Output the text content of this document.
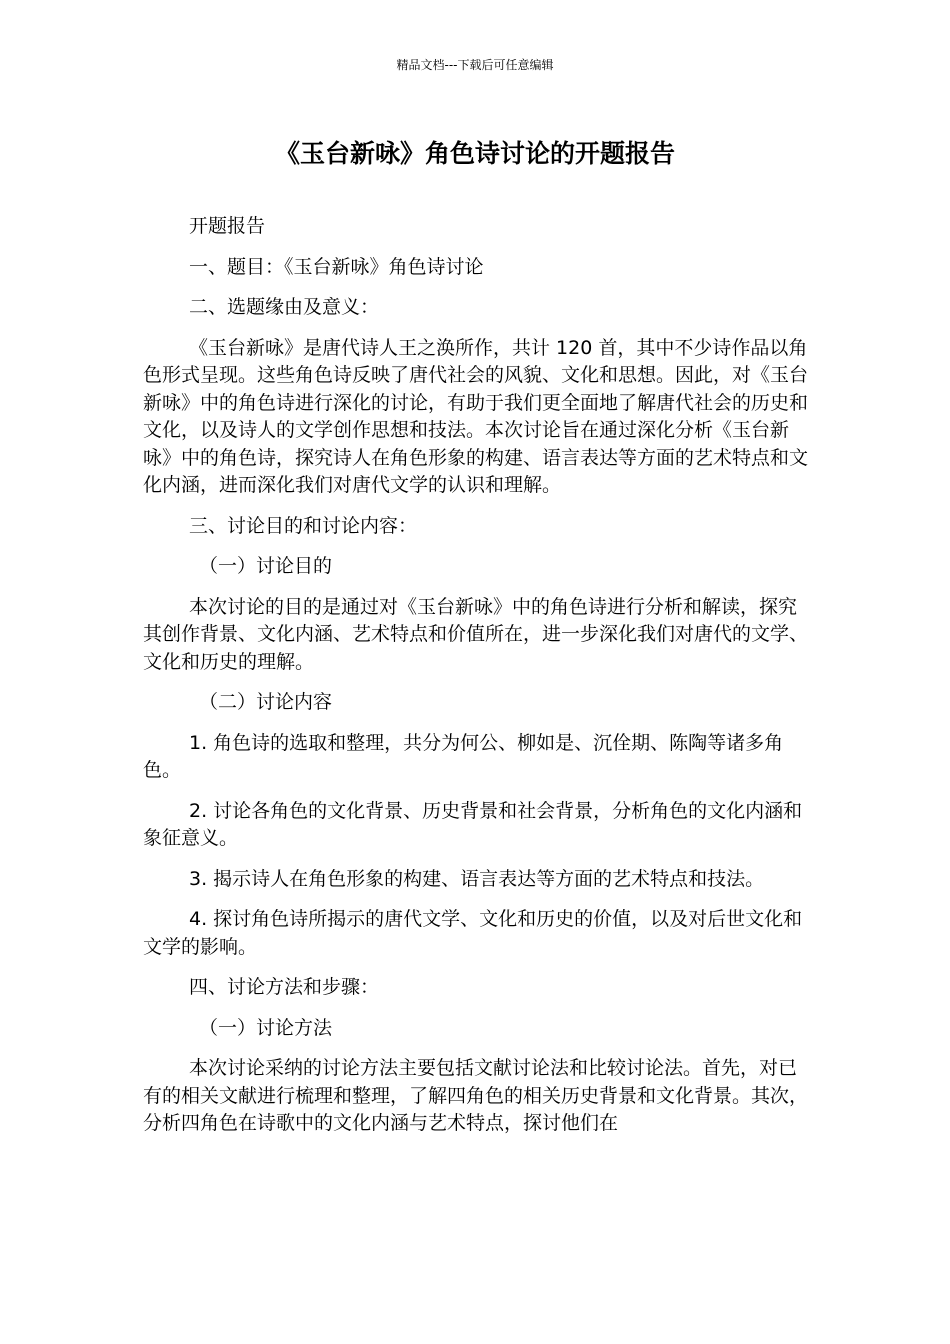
精品文档---下载后可任意编辑
《玉台新咏》角色诗讨论的开题报告

开题报告

一、题目：《玉台新咏》角色诗讨论

二、选题缘由及意义：

《玉台新咏》是唐代诗人王之涣所作，共计 120 首，其中不少诗作品以角色形式呈现。这些角色诗反映了唐代社会的风貌、文化和思想。因此，对《玉台新咏》中的角色诗进行深化的讨论，有助于我们更全面地了解唐代社会的历史和文化，以及诗人的文学创作思想和技法。本次讨论旨在通过深化分析《玉台新咏》中的角色诗，探究诗人在角色形象的构建、语言表达等方面的艺术特点和文化内涵，进而深化我们对唐代文学的认识和理解。

三、讨论目的和讨论内容：

（一）讨论目的

本次讨论的目的是通过对《玉台新咏》中的角色诗进行分析和解读，探究其创作背景、文化内涵、艺术特点和价值所在，进一步深化我们对唐代的文学、文化和历史的理解。

（二）讨论内容

1. 角色诗的选取和整理，共分为何公、柳如是、沉佺期、陈陶等诸多角色。

2. 讨论各角色的文化背景、历史背景和社会背景，分析角色的文化内涵和象征意义。

3. 揭示诗人在角色形象的构建、语言表达等方面的艺术特点和技法。

4. 探讨角色诗所揭示的唐代文学、文化和历史的价值，以及对后世文化和文学的影响。

四、讨论方法和步骤：

（一）讨论方法

本次讨论采纳的讨论方法主要包括文献讨论法和比较讨论法。首先，对已有的相关文献进行梳理和整理，了解四角色的相关历史背景和文化背景。其次， 分析四角色在诗歌中的文化内涵与艺术特点，探讨他们在
